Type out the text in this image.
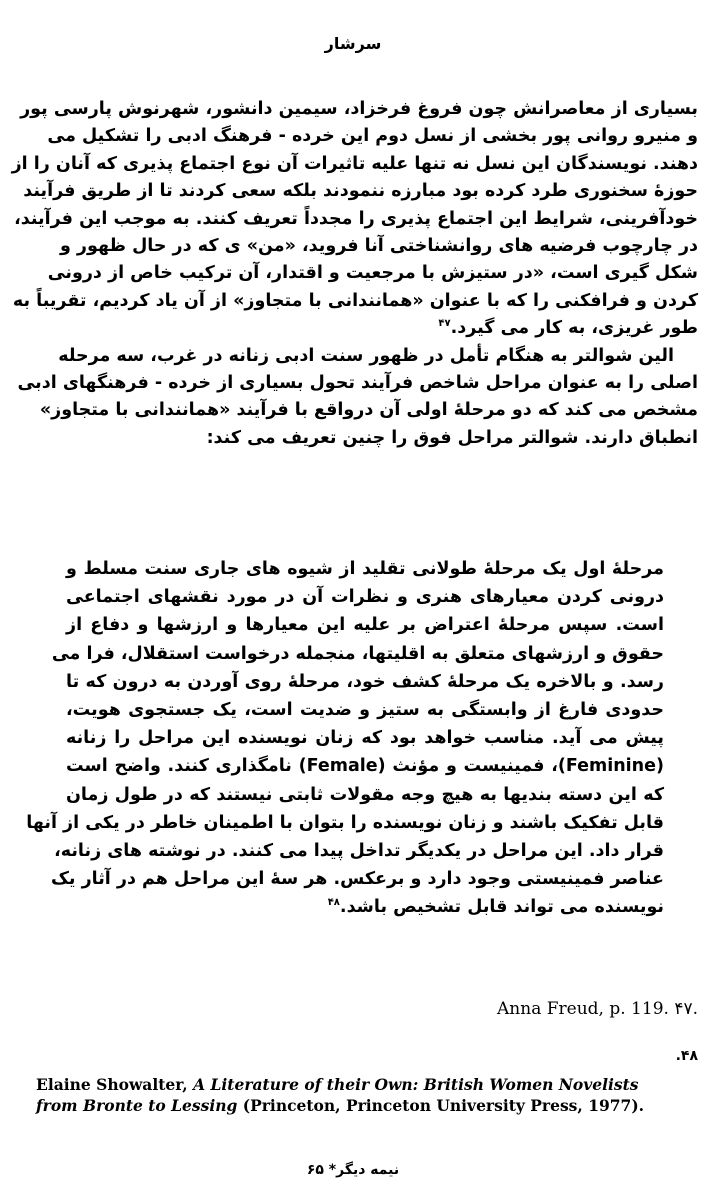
سرشار
بسیاری از معاصرانش چون فروغ فرخزاد، سیمین دانشور، شهرنوش پارسی پور
و منیرو روانی پور بخشی از نسل دوم این خرده - فرهنگ ادبی را تشکیل می
دهند. نویسندگان این نسل نه تنها علیه تاثیرات آن نوع اجتماع پذیری که آنان را از
حوزهٔ سخنوری طرد کرده بود مبارزه ننمودند بلکه سعی کردند تا از طریق فرآیند
خودآفرینی، شرایط این اجتماع پذیری را مجدداً تعریف کنند. به موجب این فرآیند،
در چارچوب فرضیه های روانشناختی آنا فروید، «من» ی که در حال ظهور و
شکل گیری است، «در ستیزش با مرجعیت و اقتدار، آن ترکیب خاص از درونی
کردن و فرافکنی را که با عنوان «همانندانی با متجاوز» از آن یاد کردیم، تقریباً به
طور غریزی، به کار می گیرد.$^{۴۷}$
الین شوالتر به هنگام تأمل در ظهور سنت ادبی زنانه در غرب، سه مرحله
اصلی را به عنوان مراحل شاخص فرآیند تحول بسیاری از خرده - فرهنگهای ادبی
مشخص می کند که دو مرحلهٔ اولی آن درواقع با فرآیند «همانندانی با متجاوز»
انطباق دارند. شوالتر مراحل فوق را چنین تعریف می کند:
مرحلهٔ اول یک مرحلهٔ طولانی تقلید از شیوه های جاری سنت مسلط و
درونی کردن معیارهای هنری و نظرات آن در مورد نقشهای اجتماعی
است. سپس مرحلهٔ اعتراض بر علیه این معیارها و ارزشها و دفاع از
حقوق و ارزشهای متعلق به اقلیتها، منجمله درخواست استقلال، فرا می
رسد. و بالاخره یک مرحلهٔ کشف خود، مرحلهٔ روی آوردن به درون که تا
حدودی فارغ از وابستگی به ستیز و ضدیت است، یک جستجوی هویت،
پیش می آید. مناسب خواهد بود که زنان نویسنده این مراحل را زنانه
(Feminine)، فمینیست و مؤنث (Female) نامگذاری کنند. واضح است
که این دسته بندیها به هیچ وجه مقولات ثابتی نیستند که در طول زمان
قابل تفکیک باشند و زنان نویسنده را بتوان با اطمینان خاطر در یکی از آنها
قرار داد. این مراحل در یکدیگر تداخل پیدا می کنند. در نوشته های زنانه،
عناصر فمینیستی وجود دارد و برعکس. هر سهٔ این مراحل هم در آثار یک
نویسنده می تواند قابل تشخیص باشد.$^{۴۸}$
Anna Freud, p. 119. ۴۷.
۴۸.
Elaine Showalter, A Literature of their Own: British Women Novelists from Bronte to Lessing (Princeton, Princeton University Press, 1977).
نیمه دیگر* ۶۵
